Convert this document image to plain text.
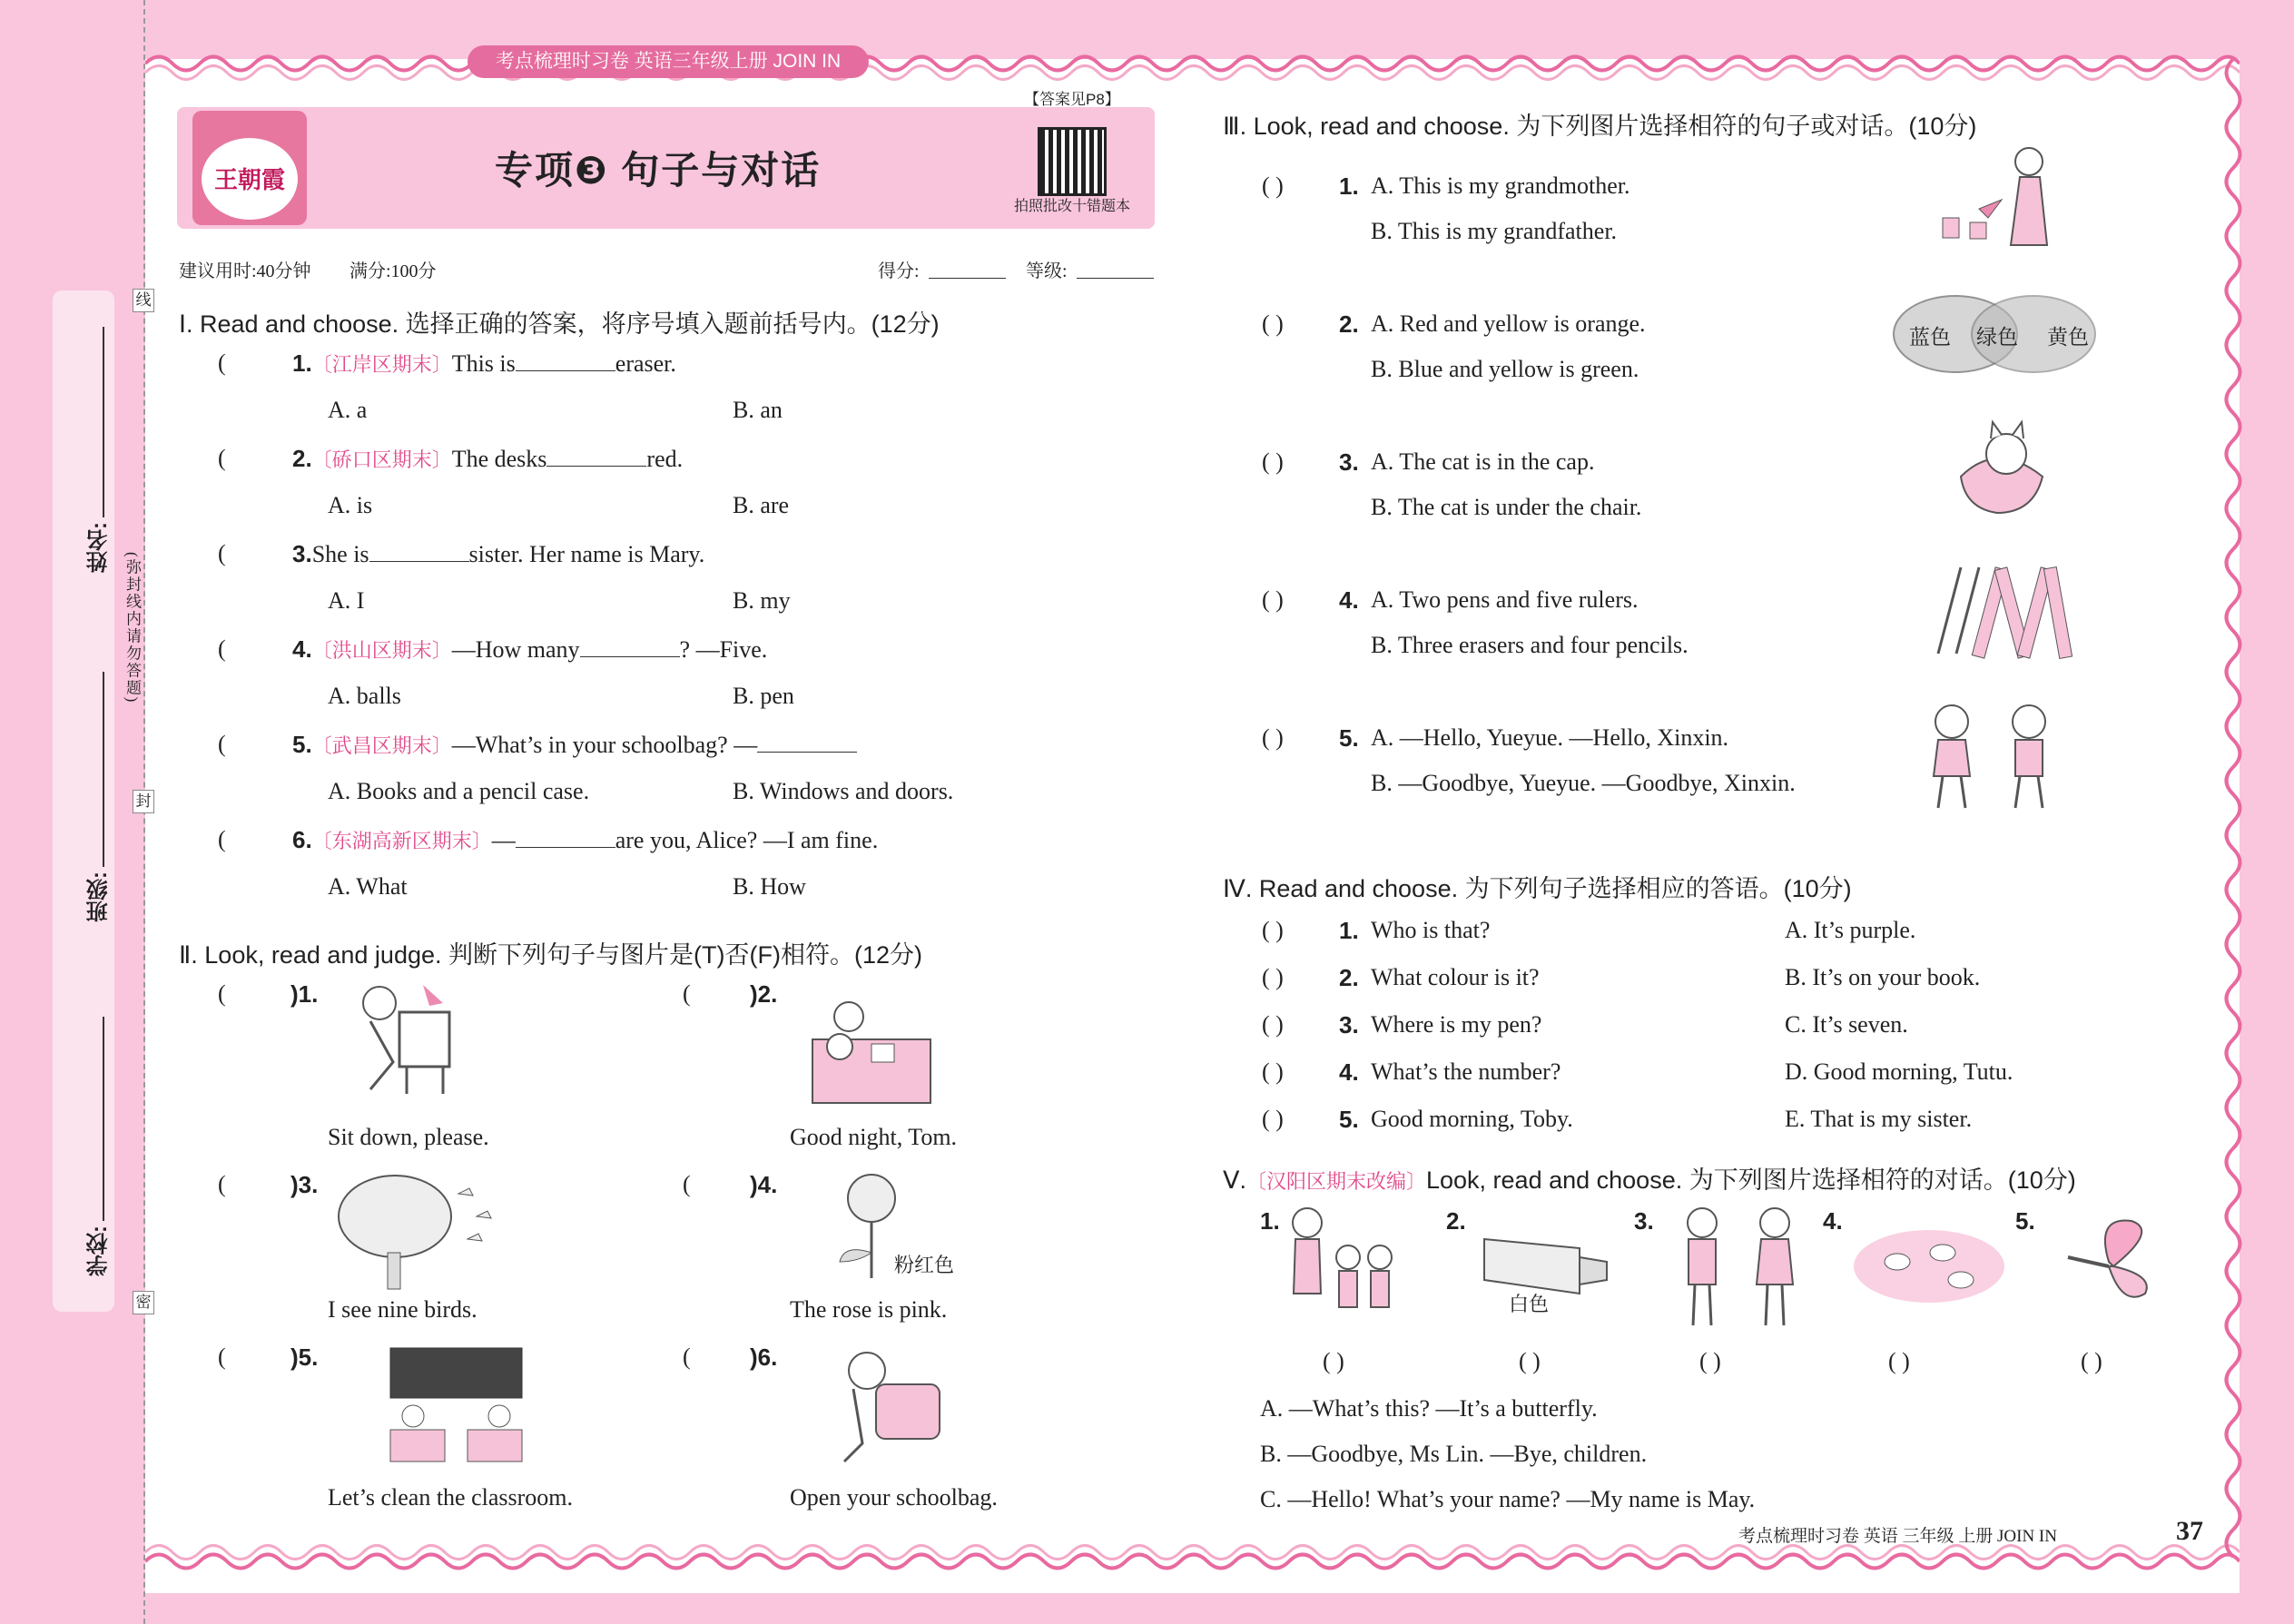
考点梳理时习卷 英语三年级上册 JOIN IN
姓名:
班级:
学校:
(弥封线内请勿答题)
线
封
密
王朝霞	专项❸ 句子与对话
【答案见P8】
拍照批改十错题本
建议用时:40分钟 满分:100分	得分:	等级:
Ⅰ. Read and choose. 选择正确的答案，将序号填入题前括号内。(12分)
(	1.〔江岸区期末〕This is	eraser.
A. a	B. an
(	2.〔硚口区期末〕The desks	red.
A. is	B. are
(	3.She is	sister. Her name is Mary.
A. I	B. my
(	4.〔洪山区期末〕—How many	? —Five.
A. balls	B. pen
(	5.〔武昌区期末〕—What’s in your schoolbag? —
A. Books and a pencil case.	B. Windows and doors.
(	6.〔东湖高新区期末〕—	are you, Alice? —I am fine.
A. What	B. How
Ⅱ. Look, read and judge. 判断下列句子与图片是(T)否(F)相符。(12分)
粉红色
(	)1.
Sit down, please.
(	)2.
Good night, Tom.
(	)3.
I see nine birds.
(	)4.
The rose is pink.
(	)5.
Let’s clean the classroom.
(	)6.
Open your schoolbag.
Ⅲ. Look, read and choose. 为下列图片选择相符的句子或对话。(10分)
蓝色 绿色 黄色
( ) 1. A. This is my grandmother.
B. This is my grandfather.
( ) 2. A. Red and yellow is orange.
B. Blue and yellow is green.
( ) 3. A. The cat is in the cap.
B. The cat is under the chair.
( ) 4. A. Two pens and five rulers.
B. Three erasers and four pencils.
( ) 5. A. —Hello, Yueyue. —Hello, Xinxin.
B. —Goodbye, Yueyue. —Goodbye, Xinxin.
Ⅳ. Read and choose. 为下列句子选择相应的答语。(10分)
( ) 1. Who is that?	A. It’s purple.
( ) 2. What colour is it?	B. It’s on your book.
( ) 3. Where is my pen?	C. It’s seven.
( ) 4. What’s the number?	D. Good morning, Tutu.
( ) 5. Good morning, Toby.	E. That is my sister.
Ⅴ.〔汉阳区期末改编〕Look, read and choose. 为下列图片选择相符的对话。(10分)
白色
1.
( )
2.
( )
3.
( )
4.
( )
5.
( )
A. —What’s this? —It’s a butterfly.
B. —Goodbye, Ms Lin. —Bye, children.
C. —Hello! What’s your name? —My name is May.
考点梳理时习卷 英语 三年级 上册 JOIN IN	37
